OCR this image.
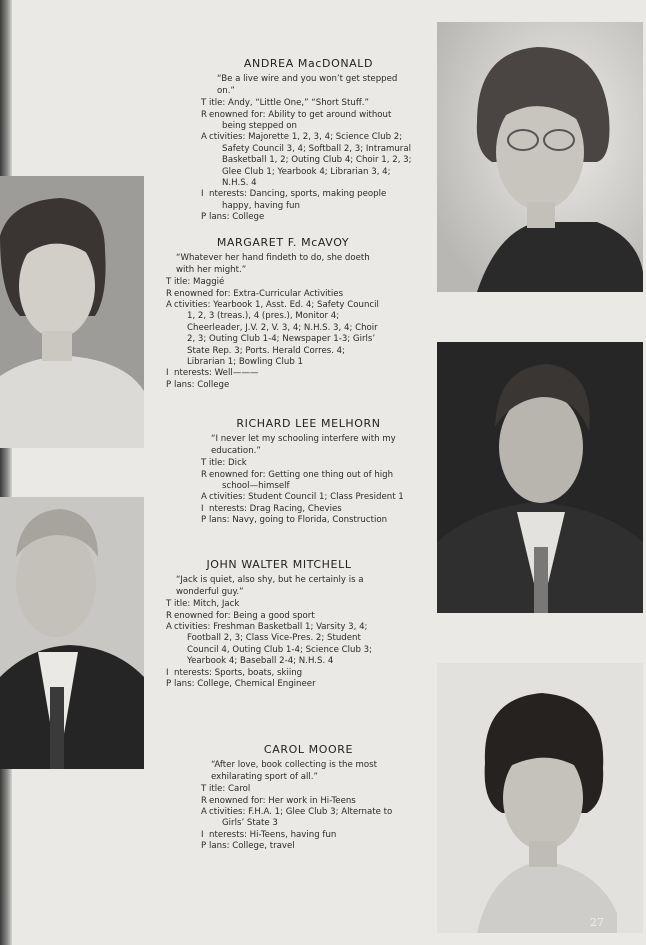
ANDREA MacDONALD

“Be a live wire and you won’t get stepped on.”

T itle: Andy, “Little One,” “Short Stuff.”

R enowned for: Ability to get around without being stepped on

A ctivities: Majorette 1, 2, 3, 4; Science Club 2; Safety Council 3, 4; Softball 2, 3; Intramural Basketball 1, 2; Outing Club 4; Choir 1, 2, 3; Glee Club 1; Yearbook 4; Librarian 3, 4; N.H.S. 4

I nterests: Dancing, sports, making people happy, having fun

P lans: College

MARGARET F. McAVOY

“Whatever her hand findeth to do, she doeth with her might.”

T itle: Maggié

R enowned for: Extra-Curricular Activities

A ctivities: Yearbook 1, Asst. Ed. 4; Safety Council 1, 2, 3 (treas.), 4 (pres.), Monitor 4; Cheerleader, J.V. 2, V. 3, 4; N.H.S. 3, 4; Choir 2, 3; Outing Club 1-4; Newspaper 1-3; Girls’ State Rep. 3; Ports. Herald Corres. 4; Librarian 1; Bowling Club 1

I nterests: Well———

P lans: College

RICHARD LEE MELHORN

“I never let my schooling interfere with my education.”

T itle: Dick

R enowned for: Getting one thing out of high school—himself

A ctivities: Student Council 1; Class President 1

I nterests: Drag Racing, Chevies

P lans: Navy, going to Florida, Construction

JOHN WALTER MITCHELL

“Jack is quiet, also shy, but he certainly is a wonderful guy.”

T itle: Mitch, Jack

R enowned for: Being a good sport

A ctivities: Freshman Basketball 1; Varsity 3, 4; Football 2, 3; Class Vice-Pres. 2; Student Council 4, Outing Club 1-4; Science Club 3; Yearbook 4; Baseball 2-4; N.H.S. 4

I nterests: Sports, boats, skiing

P lans: College, Chemical Engineer

CAROL MOORE

“After love, book collecting is the most exhilarating sport of all.”

T itle: Carol

R enowned for: Her work in Hi-Teens

A ctivities: F.H.A. 1; Glee Club 3; Alternate to Girls’ State 3

I nterests: Hi-Teens, having fun

P lans: College, travel

27
